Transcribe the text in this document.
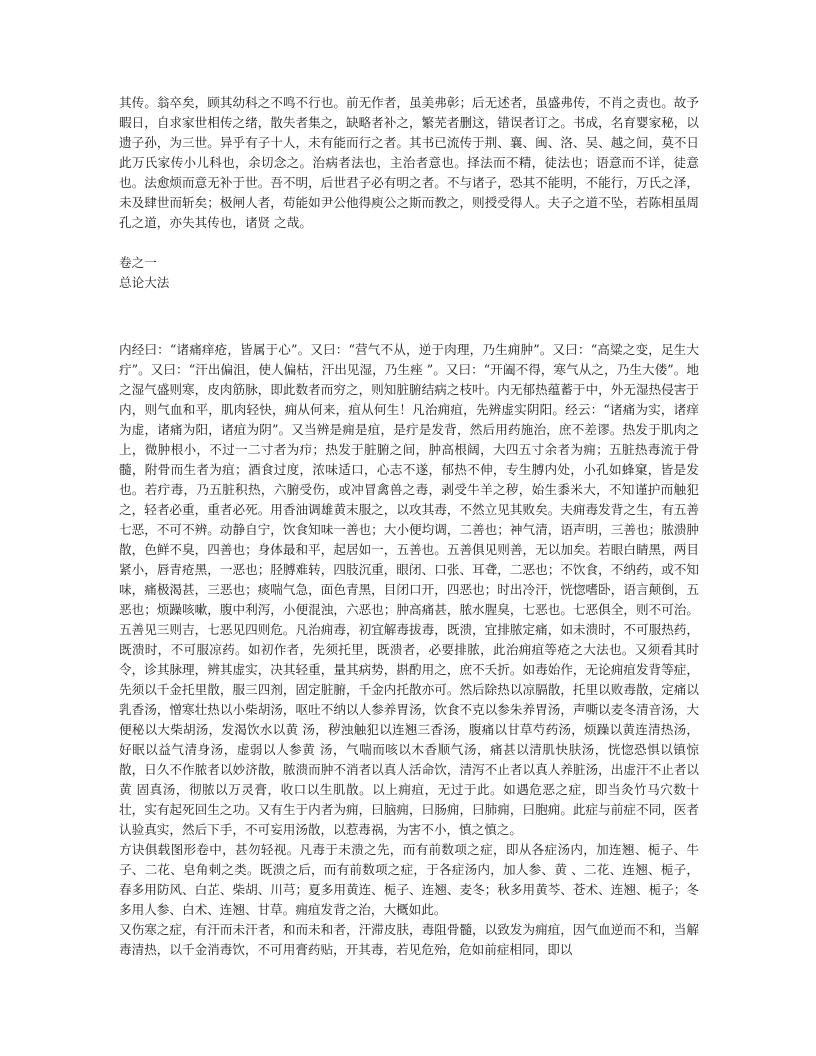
其传。翁卒矣，顾其幼科之不鸣不行也。前无作者，虽美弗彰；后无述者，虽盛弗传，不肖之责也。故予暇日，自求家世相传之绪，散失者集之，缺略者补之，繁芜者删这，错误者订之。书成，名育婴家秘，以遗子孙，为三世。异乎有子十人，未有能而行之者。其书已流传于荆、襄、闽、洛、吴、越之间，莫不日此万氏家传小儿科也，余切念之。治病者法也，主治者意也。择法而不精，徒法也；语意而不详，徒意也。法愈烦而意无补于世。吾不明，后世君子必有明之者。不与诸子，恐其不能明，不能行，万氏之泽，未及肆世而斩矣；极闸人者，苟能如尹公他得庾公之斯而教之，则授受得人。夫子之道不坠，若陈相虽周孔之道，亦失其传也，诸贤 之哉。

卷之一
总论大法

内经曰：“诸痛痒疮，皆属于心”。又曰：“营气不从，逆于肉理，乃生痈肿”。又曰：“高粱之变，足生大疔”。又曰：“汗出偏沮，使人偏枯，汗出见湿，乃生痤 ”。又曰：“开阖不得，寒气从之，乃生大偻”。地之湿气盛则寒，皮肉筋脉，即此数者而穷之，则知脏腑结病之枝叶。内无郁热蕴蓄于中，外无湿热侵害于内，则气血和平，肌肉轻快，痈从何来，疽从何生！凡治痈疽，先辨虚实阴阳。经云：“诸痛为实，诸痒为虚，诸痛为阳，诸疽为阴”。又当辨是痈是疽，是疔是发背，然后用药施治，庶不差谬。热发于肌肉之上，微肿根小，不过一二寸者为疖；热发于脏腑之间，肿高根阔，大四五寸余者为痈；五脏热毒流于骨髓，附骨而生者为疽；酒食过度，浓味适口，心志不遂，郁热不伸，专生膊内处，小孔如蜂窠，皆是发也。若疔毒，乃五脏积热，六腑受伤，或冲冒禽兽之毒，剥受牛羊之秽，始生黍米大，不知谨护而触犯之，轻者必重，重者必死。用香油调雄黄末服之，以攻其毒，不然立见其败矣。夫痈毒发背之生，有五善七恶，不可不辨。动静自宁，饮食知味一善也；大小便均调，二善也；神气清，语声明，三善也；脓溃肿散，色鲜不臭，四善也；身体最和平，起居如一，五善也。五善俱见则善，无以加矣。若眼白睛黑，两目紧小，唇青疮黑，一恶也；胫膊难转，四肢沉重，眼闭、口张、耳聋，二恶也；不饮食，不纳药，或不知味，痛极渴甚，三恶也；痰喘气急，面色青黑，目闭口开，四恶也；时出冷汗，恍惚嗜卧，语言颠倒，五恶也；烦躁咳嗽，腹中利泻，小便混浊，六恶也；肿高痛甚，脓水腥臭，七恶也。七恶俱全，则不可治。五善见三则吉，七恶见四则危。凡治痈毒，初宜解毒拔毒，既溃，宜排脓定痛，如未溃时，不可服热药，既溃时，不可服凉药。如初作者，先须托里，既溃者，必要排脓，此治痈疽等疮之大法也。又须看其时令，诊其脉理，辨其虚实，决其轻重，量其病势，斟酌用之，庶不夭折。如毒始作，无论痈疽发背等症，先须以千金托里散，服三四剂，固定脏腑，千金内托散亦可。然后除热以凉膈散，托里以败毒散，定痛以乳香汤，憎寒壮热以小柴胡汤，呕吐不纳以人参养胃汤，饮食不克以参朱养胃汤，声嘶以麦冬清音汤，大便秘以大柴胡汤，发渴饮水以黄 汤，秽浊触犯以连翘三香汤，腹痛以甘草芍药汤，烦躁以黄连清热汤，好眠以益气清身汤，虚弱以人参黄 汤，气喘而咳以木香顺气汤，痛甚以清肌快肤汤，恍惚恐惧以镇惊散，日久不作脓者以妙济散，脓溃而肿不消者以真人活命饮，清泻不止者以真人养脏汤，出虚汗不止者以黄 固真汤，彻脓以万灵膏，收口以生肌散。以上痈疽，无过于此。如遇危恶之症，即当灸竹马穴数十壮，实有起死回生之功。又有生于内者为痈，曰脑痈，曰肠痈，曰肺痈，曰胞痈。此症与前症不同，医者认验真实，然后下手，不可妄用汤散，以惹毒祸，为害不小，慎之慎之。

方诀俱载图形卷中，甚勿轻视。凡毒于未溃之先，而有前数项之症，即从各症汤内，加连翘、栀子、牛子、二花、皂角刺之类。既溃之后，而有前数项之症，于各症汤内，加人参、黄 、二花、连翘、栀子，春多用防风、白芷、柴胡、川芎；夏多用黄连、栀子、连翘、麦冬；秋多用黄芩、苍术、连翘、栀子；冬多用人参、白术、连翘、甘草。痈疽发背之治，大概如此。

又伤寒之症，有汗而未汗者，和而未和者，汗滞皮肤，毒阻骨髓，以致发为痈疽，因气血逆而不和，当解毒清热，以千金消毒饮，不可用膏药贴，开其毒，若见危殆，危如前症相同，即以
